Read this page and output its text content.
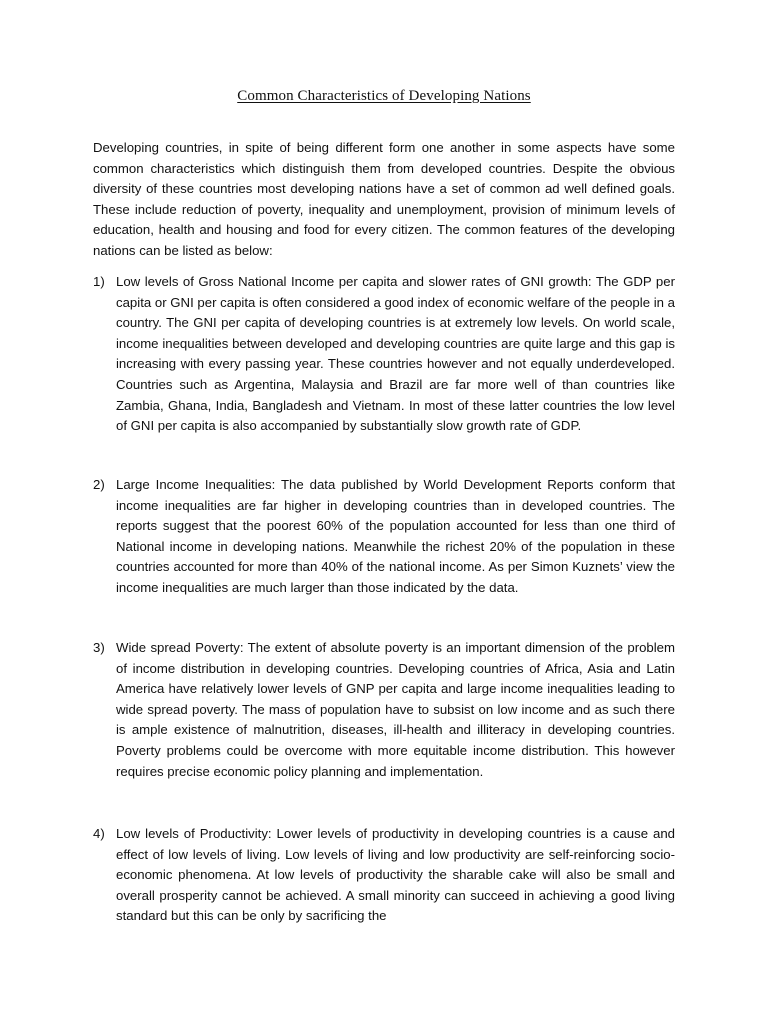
Common Characteristics of Developing Nations

Developing countries, in spite of being different form one another in some aspects have some common characteristics which distinguish them from developed countries. Despite the obvious diversity of these countries most developing nations have a set of common ad well defined goals. These include reduction of poverty, inequality and unemployment, provision of minimum levels of education, health and housing and food for every citizen. The common features of the developing nations can be listed as below:

1) Low levels of Gross National Income per capita and slower rates of GNI growth: The GDP per capita or GNI per capita is often considered a good index of economic welfare of the people in a country. The GNI per capita of developing countries is at extremely low levels. On world scale, income inequalities between developed and developing countries are quite large and this gap is increasing with every passing year. These countries however and not equally underdeveloped. Countries such as Argentina, Malaysia and Brazil are far more well of than countries like Zambia, Ghana, India, Bangladesh and Vietnam. In most of these latter countries the low level of GNI per capita is also accompanied by substantially slow growth rate of GDP.
2) Large Income Inequalities: The data published by World Development Reports conform that income inequalities are far higher in developing countries than in developed countries. The reports suggest that the poorest 60% of the population accounted for less than one third of National income in developing nations. Meanwhile the richest 20% of the population in these countries accounted for more than 40% of the national income. As per Simon Kuznets’ view the income inequalities are much larger than those indicated by the data.
3) Wide spread Poverty: The extent of absolute poverty is an important dimension of the problem of income distribution in developing countries. Developing countries of Africa, Asia and Latin America have relatively lower levels of GNP per capita and large income inequalities leading to wide spread poverty. The mass of population have to subsist on low income and as such there is ample existence of malnutrition, diseases, ill-health and illiteracy in developing countries. Poverty problems could be overcome with more equitable income distribution. This however requires precise economic policy planning and implementation.
4) Low levels of Productivity: Lower levels of productivity in developing countries is a cause and effect of low levels of living. Low levels of living and low productivity are self-reinforcing socio-economic phenomena. At low levels of productivity the sharable cake will also be small and overall prosperity cannot be achieved. A small minority can succeed in achieving a good living standard but this can be only by sacrificing the
